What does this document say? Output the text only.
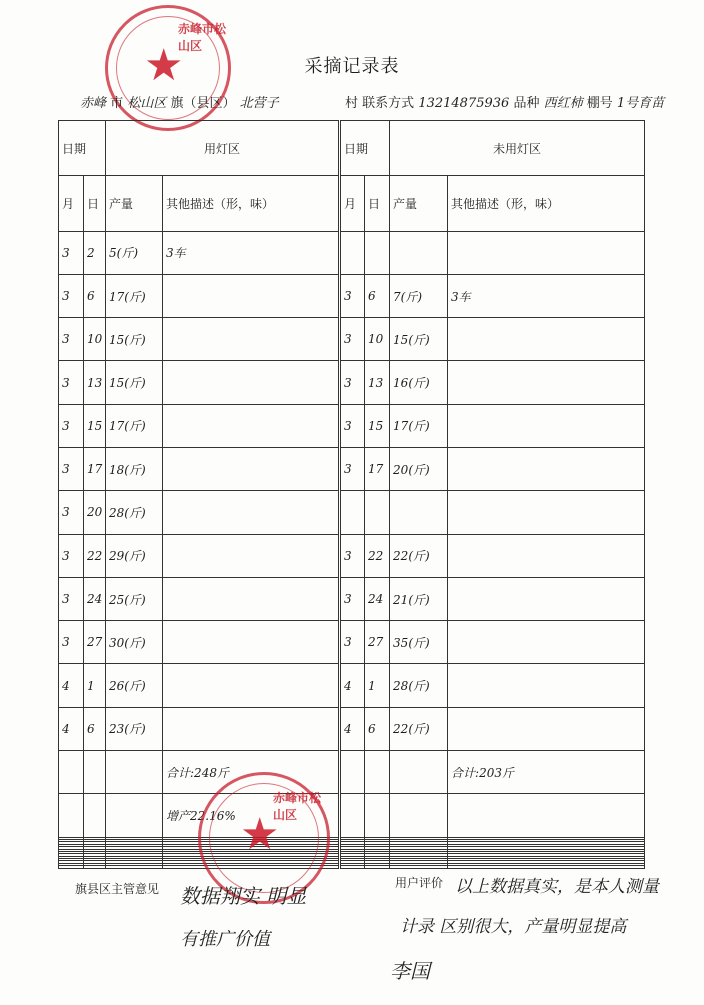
★
赤峰市松山区
采摘记录表
赤峰 市 松山区 旗（县区） 北营子	村 联系方式 13214875936 品种 西红柿 棚号 1号育苗
日期		用灯区		日期		未用灯区	
月	日	产量	其他描述（形，味）	月	日	产量	其他描述（形，味）
3	2	5(斤)	3车				
3	6	17(斤)		3	6	7(斤)	3车
3	10	15(斤)		3	10	15(斤)	
3	13	15(斤)		3	13	16(斤)	
3	15	17(斤)		3	15	17(斤)	
3	17	18(斤)		3	17	20(斤)	
3	20	28(斤)					
3	22	29(斤)		3	22	22(斤)	
3	24	25(斤)		3	24	21(斤)	
3	27	30(斤)		3	27	35(斤)	
4	1	26(斤)		4	1	28(斤)	
4	6	23(斤)		4	6	22(斤)	
			合计:248斤				合计:203斤
			增产22.16%				

							★
赤峰市松山区
旗县区主管意见 数据翔实 明显
有推广价值
用户评价 以上数据真实，是本人测量
计录 区别很大，产量明显提高
李国
